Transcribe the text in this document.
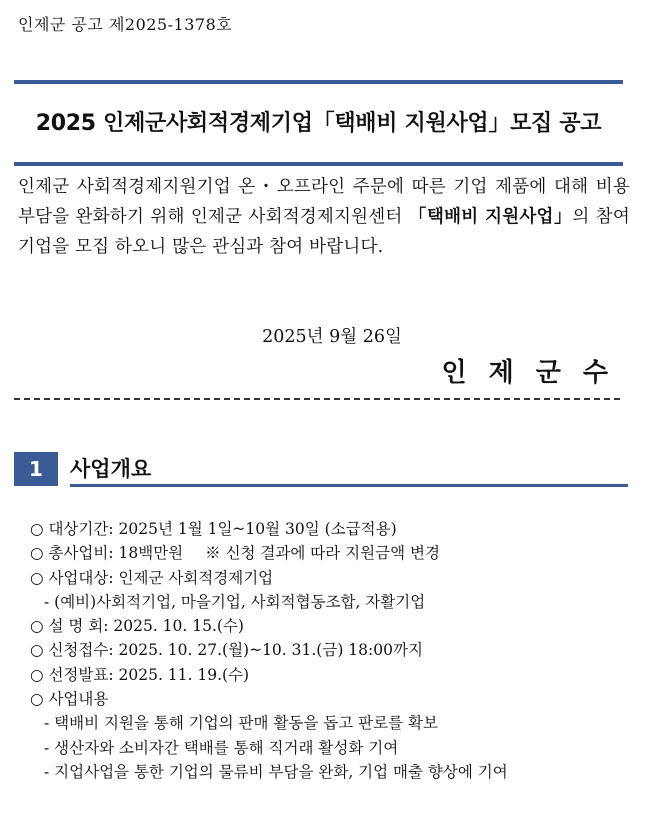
인제군 공고 제2025-1378호
2025 인제군사회적경제기업「택배비 지원사업」모집 공고
인제군 사회적경제지원기업 온・오프라인 주문에 따른 기업 제품에 대해 비용 부담을 완화하기 위해 인제군 사회적경제지원센터 「택배비 지원사업」의 참여기업을 모집 하오니 많은 관심과 참여 바랍니다.
2025년 9월 26일
인제군수
1	사업개요
○ 대상기간: 2025년 1월 1일~10월 30일 (소급적용)
○ 총사업비: 18백만원 ※ 신청 결과에 따라 지원금액 변경
○ 사업대상: 인제군 사회적경제기업
- (예비)사회적기업, 마을기업, 사회적협동조합, 자활기업
○ 설 명 회: 2025. 10. 15.(수)
○ 신청접수: 2025. 10. 27.(월)~10. 31.(금) 18:00까지
○ 선정발표: 2025. 11. 19.(수)
○ 사업내용
- 택배비 지원을 통해 기업의 판매 활동을 돕고 판로를 확보
- 생산자와 소비자간 택배를 통해 직거래 활성화 기여
- 지업사업을 통한 기업의 물류비 부담을 완화, 기업 매출 향상에 기여
